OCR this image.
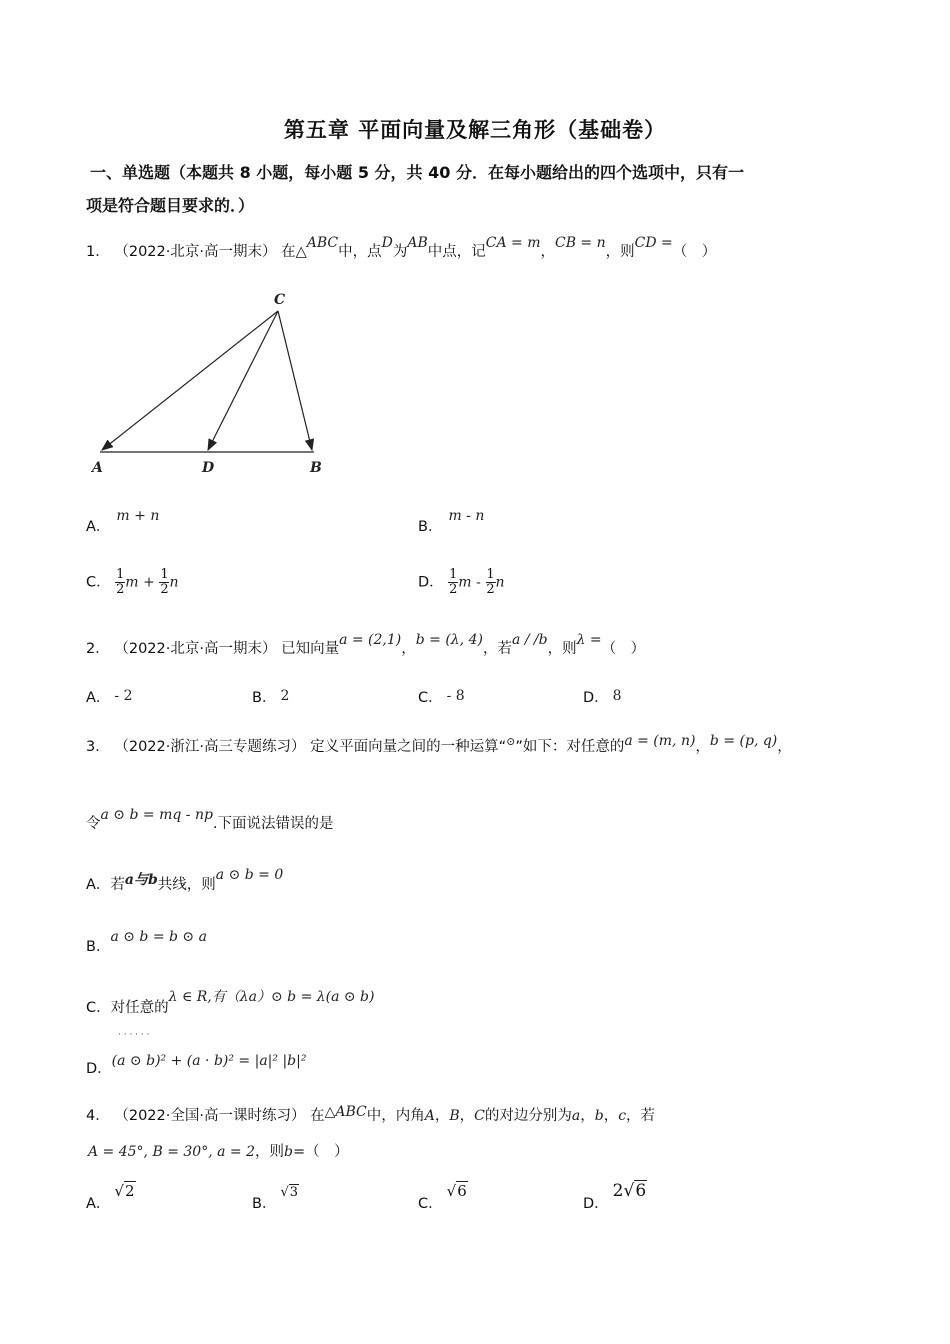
第五章 平面向量及解三角形（基础卷）
一、单选题（本题共 8 小题，每小题 5 分，共 40 分．在每小题给出的四个选项中，只有一
项是符合题目要求的．）
1． （2022·北京·高一期末） 在△ABC中，点D为AB中点，记CA = m，CB = n，则CD =（　）
C
A	D	B
A．m + n
B．m - n
C． $\frac{1}{2}$ $m + \frac{1}{2}$ n	D． $\frac{1}{2}$ m - $\frac{1}{2}$ n
2． （2022·北京·高一期末） 已知向量a = (2,1)，b = (λ, 4)，若a / /b，则λ =（　）
A． - 2	B． 2	C． - 8	D． 8
3． （2022·浙江·高三专题练习） 定义平面向量之间的一种运算“⊙”如下：对任意的a = (m, n)，b = (p, q)，
令a ⊙ b = mq - np.下面说法错误的是
A．若a与b共线，则a ⊙ b = 0
B．a ⊙ b = b ⊙ a
C．对任意的λ ∈ R,有（λa）⊙ b = λ(a ⊙ b)
· · · · · ·
D．(a ⊙ b)² + (a · b)² = |a|² |b|²
4． （2022·全国·高一课时练习） 在△ABC中，内角A，B，C的对边分别为a，b，c，若
A = 45°, B = 30°, a = 2，则b=（　）
A．√2
B．√3
C．√6
D．2√6
